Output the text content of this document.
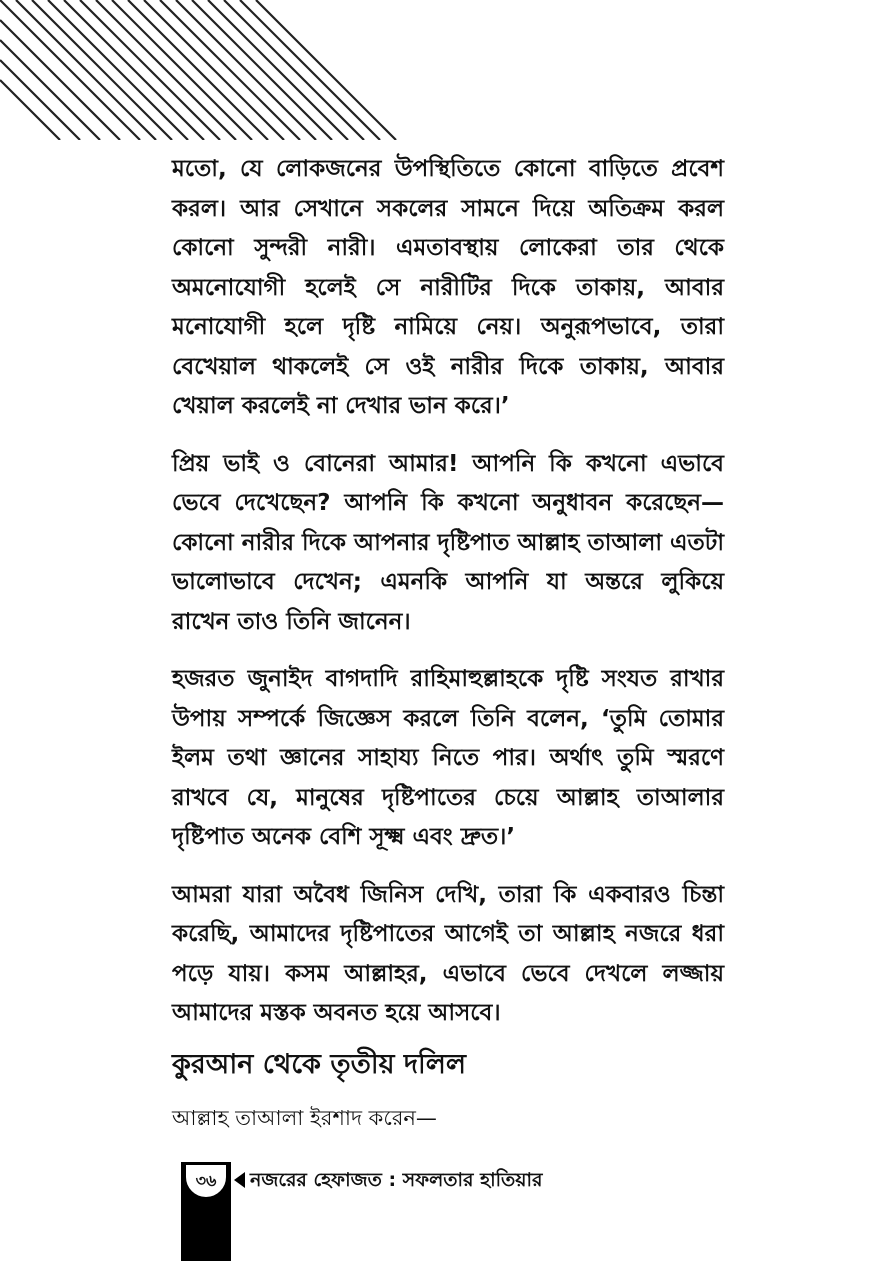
মতো, যে লোকজনের উপস্থিতিতে কোনো বাড়িতে প্রবেশ করল। আর সেখানে সকলের সামনে দিয়ে অতিক্রম করল কোনো সুন্দরী নারী। এমতাবস্থায় লোকেরা তার থেকে অমনোযোগী হলেই সে নারীটির দিকে তাকায়, আবার মনোযোগী হলে দৃষ্টি নামিয়ে নেয়। অনুরূপভাবে, তারা বেখেয়াল থাকলেই সে ওই নারীর দিকে তাকায়, আবার খেয়াল করলেই না দেখার ভান করে।’

প্রিয় ভাই ও বোনেরা আমার! আপনি কি কখনো এভাবে ভেবে দেখেছেন? আপনি কি কখনো অনুধাবন করেছেন— কোনো নারীর দিকে আপনার দৃষ্টিপাত আল্লাহ তাআলা এতটা ভালোভাবে দেখেন; এমনকি আপনি যা অন্তরে লুকিয়ে রাখেন তাও তিনি জানেন।

হজরত জুনাইদ বাগদাদি রাহিমাহুল্লাহকে দৃষ্টি সংযত রাখার উপায় সম্পর্কে জিজ্ঞেস করলে তিনি বলেন, ‘তুমি তোমার ইলম তথা জ্ঞানের সাহায্য নিতে পার। অর্থাৎ তুমি স্মরণে রাখবে যে, মানুষের দৃষ্টিপাতের চেয়ে আল্লাহ তাআলার দৃষ্টিপাত অনেক বেশি সূক্ষ্ম এবং দ্রুত।’

আমরা যারা অবৈধ জিনিস দেখি, তারা কি একবারও চিন্তা করেছি, আমাদের দৃষ্টিপাতের আগেই তা আল্লাহ নজরে ধরা পড়ে যায়। কসম আল্লাহর, এভাবে ভেবে দেখলে লজ্জায় আমাদের মস্তক অবনত হয়ে আসবে।

কুরআন থেকে তৃতীয় দলিল

আল্লাহ তাআলা ইরশাদ করেন—

৩৬	নজরের হেফাজত : সফলতার হাতিয়ার
